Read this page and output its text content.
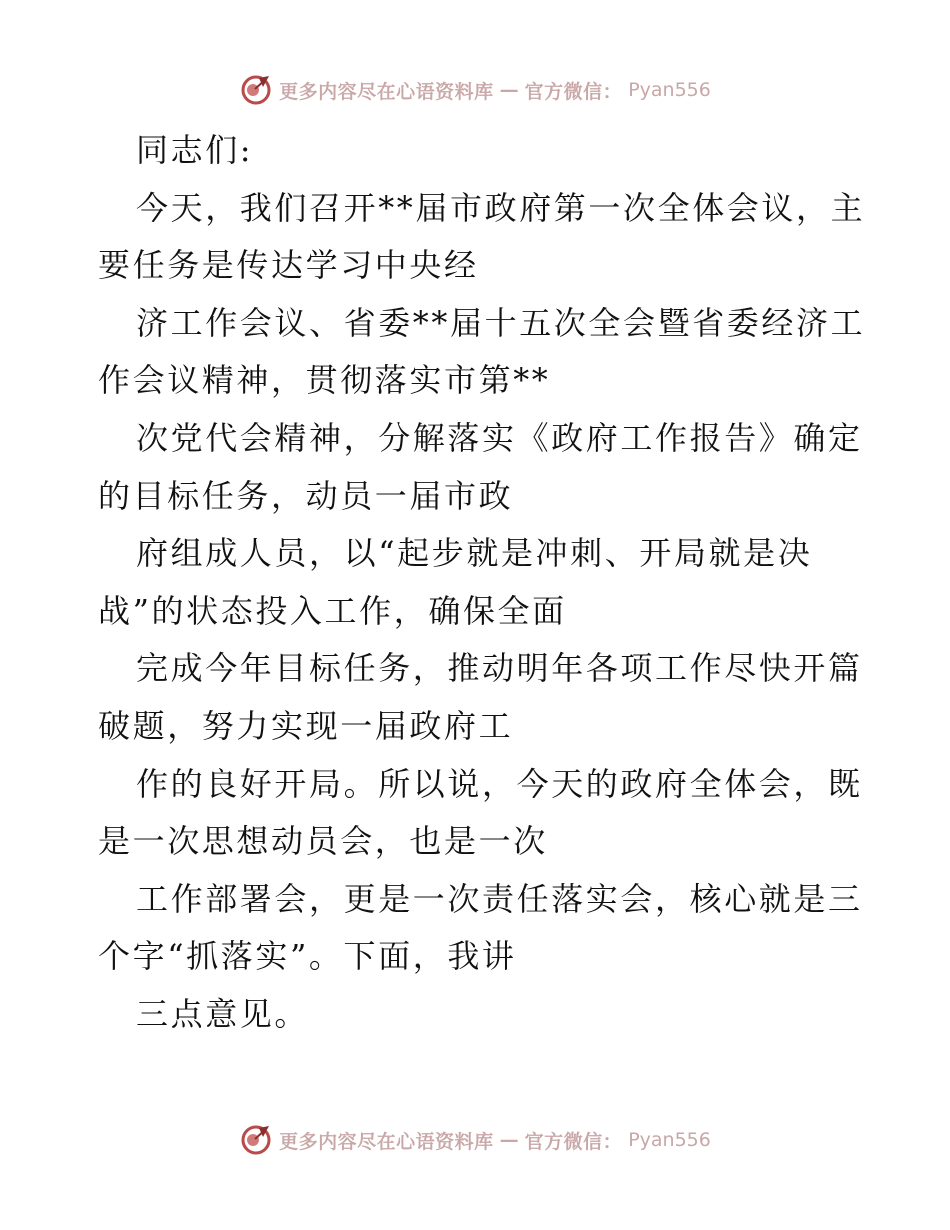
更多内容尽在心语资料库 — 官方微信： Pyan556
同志们:
今天，我们召开**届市政府第一次全体会议，主
要任务是传达学习中央经
济工作会议、省委**届十五次全会暨省委经济工
作会议精神，贯彻落实市第**
次党代会精神，分解落实《政府工作报告》确定
的目标任务，动员一届市政
府组成人员，以“起步就是冲刺、开局就是决
战”的状态投入工作，确保全面
完成今年目标任务，推动明年各项工作尽快开篇
破题，努力实现一届政府工
作的良好开局。所以说，今天的政府全体会，既
是一次思想动员会，也是一次
工作部署会，更是一次责任落实会，核心就是三
个字“抓落实”。下面，我讲
三点意见。
更多内容尽在心语资料库 — 官方微信： Pyan556
